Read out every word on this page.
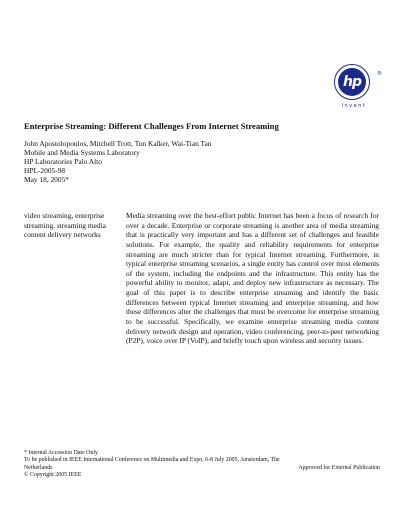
hp	®
invent
Enterprise Streaming: Different Challenges From Internet Streaming
John Apostolopoulos, Mitchell Trott, Ton Kalker, Wai-Tian Tan
Mobile and Media Systems Laboratory
HP Laboratories Palo Alto
HPL-2005-98
May 18, 2005*
video streaming, enterprise streaming, streaming media content delivery networks
Media streaming over the best-effort public Internet has been a focus of research for over a decade. Enterprise or corporate streaming is another area of media streaming that is practically very important and has a different set of challenges and feasible solutions. For example, the quality and reliability requirements for enterprise streaming are much stricter than for typical Internet streaming. Furthermore, in typical enterprise streaming scenarios, a single entity has control over most elements of the system, including the endpoints and the infrastructure. This entity has the powerful ability to monitor, adapt, and deploy new infrastructure as necessary. The goal of this paper is to describe enterprise streaming and identify the basic differences between typical Internet streaming and enterprise streaming, and how these differences alter the challenges that must be overcome for enterprise streaming to be successful. Specifically, we examine enterprise streaming media content delivery network design and operation, video conferencing, peer-to-peer networking (P2P), voice over IP (VoIP), and briefly touch upon wireless and security issues.
* Internal Accession Date Only
To be published in IEEE International Conference on Multimedia and Expo, 6-8 July 2005, Amsterdam, The
Netherlands	Approved for External Publication
© Copyright 2005 IEEE
